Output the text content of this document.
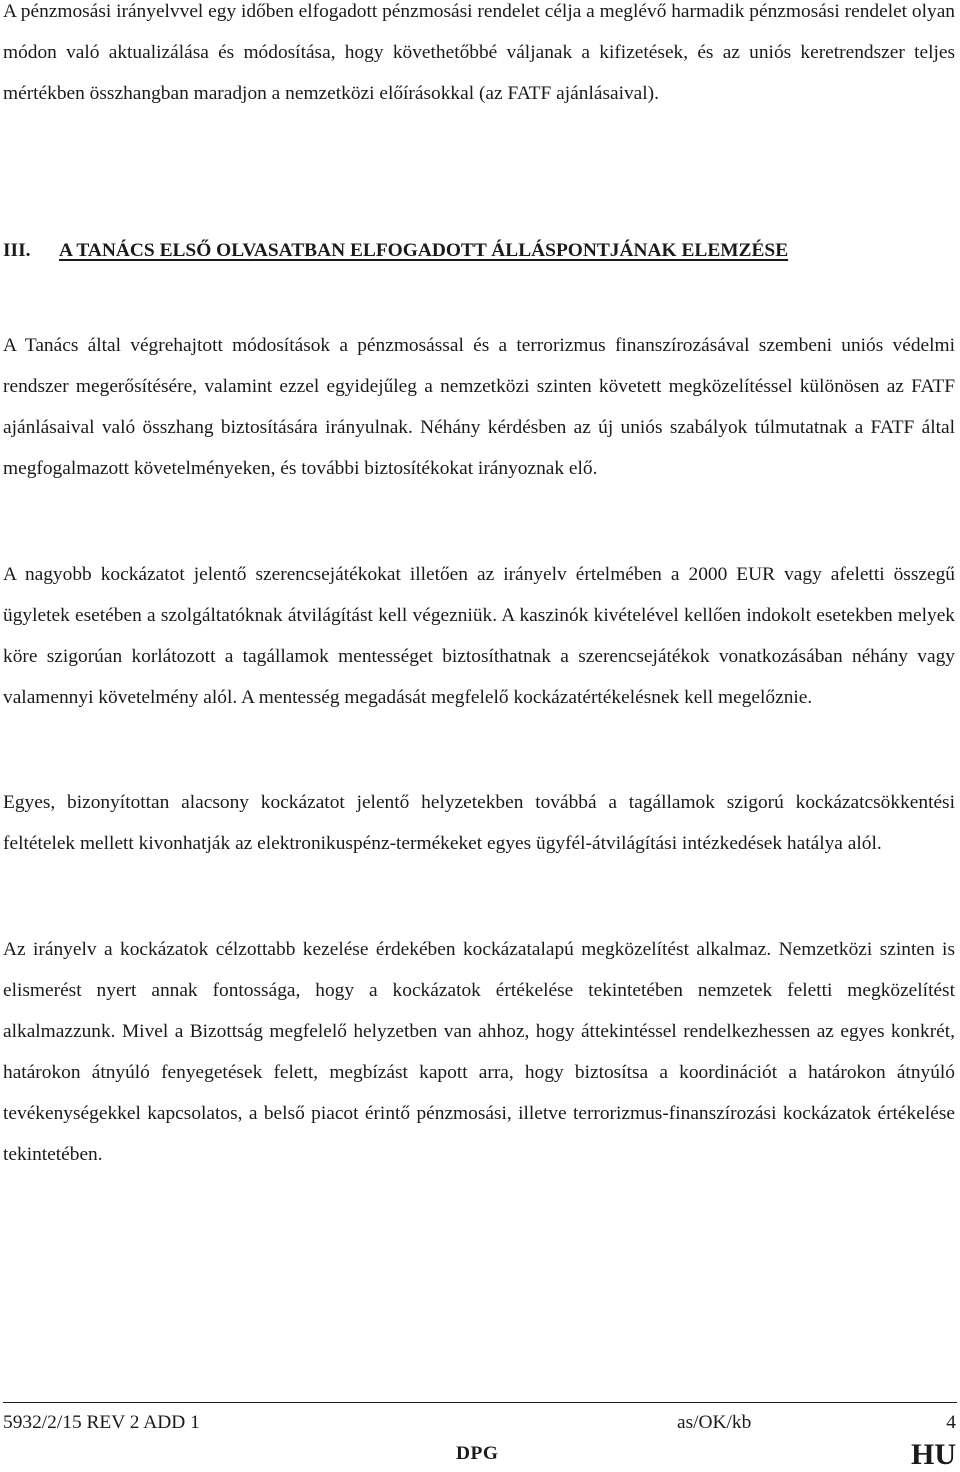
A pénzmosási irányelvvel egy időben elfogadott pénzmosási rendelet célja a meglévő harmadik pénzmosási rendelet olyan módon való aktualizálása és módosítása, hogy követhetőbbé váljanak a kifizetések, és az uniós keretrendszer teljes mértékben összhangban maradjon a nemzetközi előírásokkal (az FATF ajánlásaival).

III. A TANÁCS ELSŐ OLVASATBAN ELFOGADOTT ÁLLÁSPONTJÁNAK ELEMZÉSE

A Tanács által végrehajtott módosítások a pénzmosással és a terrorizmus finanszírozásával szembeni uniós védelmi rendszer megerősítésére, valamint ezzel egyidejűleg a nemzetközi szinten követett megközelítéssel különösen az FATF ajánlásaival való összhang biztosítására irányulnak. Néhány kérdésben az új uniós szabályok túlmutatnak a FATF által megfogalmazott követelményeken, és további biztosítékokat irányoznak elő.

A nagyobb kockázatot jelentő szerencsejátékokat illetően az irányelv értelmében a 2000 EUR vagy afeletti összegű ügyletek esetében a szolgáltatóknak átvilágítást kell végezniük. A kaszinók kivételével kellően indokolt esetekben melyek köre szigorúan korlátozott a tagállamok mentességet biztosíthatnak a szerencsejátékok vonatkozásában néhány vagy valamennyi követelmény alól. A mentesség megadását megfelelő kockázatértékelésnek kell megelőznie.

Egyes, bizonyítottan alacsony kockázatot jelentő helyzetekben továbbá a tagállamok szigorú kockázatcsökkentési feltételek mellett kivonhatják az elektronikuspénz-termékeket egyes ügyfél-átvilágítási intézkedések hatálya alól.

Az irányelv a kockázatok célzottabb kezelése érdekében kockázatalapú megközelítést alkalmaz. Nemzetközi szinten is elismerést nyert annak fontossága, hogy a kockázatok értékelése tekintetében nemzetek feletti megközelítést alkalmazzunk. Mivel a Bizottság megfelelő helyzetben van ahhoz, hogy áttekintéssel rendelkezhessen az egyes konkrét, határokon átnyúló fenyegetések felett, megbízást kapott arra, hogy biztosítsa a koordinációt a határokon átnyúló tevékenységekkel kapcsolatos, a belső piacot érintő pénzmosási, illetve terrorizmus-finanszírozási kockázatok értékelése tekintetében.

5932/2/15 REV 2 ADD 1	as/OK/kb	4
DPG	HU
